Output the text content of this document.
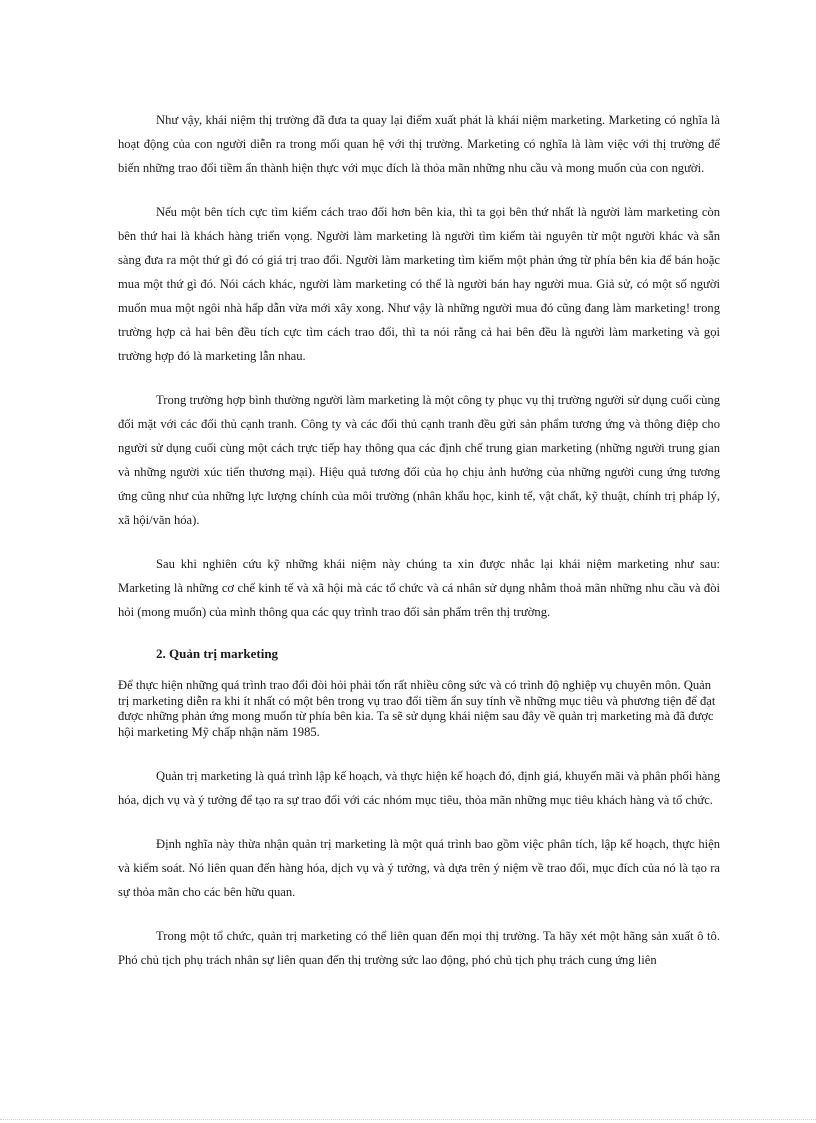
Như vậy, khái niệm thị trường đã đưa ta quay lại điểm xuất phát là khái niệm marketing. Marketing có nghĩa là hoạt động của con người diễn ra trong mối quan hệ với thị trường. Marketing có nghĩa là làm việc với thị trường để biến những trao đổi tiềm ẩn thành hiện thực với mục đích là thỏa mãn những nhu cầu và mong muốn của con người.

Nếu một bên tích cực tìm kiếm cách trao đổi hơn bên kia, thì ta gọi bên thứ nhất là người làm marketing còn bên thứ hai là khách hàng triển vọng. Người làm marketing là người tìm kiếm tài nguyên từ một người khác và sẵn sàng đưa ra một thứ gì đó có giá trị trao đổi. Người làm marketing tìm kiếm một phản ứng từ phía bên kia để bán hoặc mua một thứ gì đó. Nói cách khác, người làm marketing có thể là người bán hay người mua. Giả sử, có một số người muốn mua một ngôi nhà hấp dẫn vừa mới xây xong. Như vậy là những người mua đó cũng đang làm marketing! trong trường hợp cả hai bên đều tích cực tìm cách trao đổi, thì ta nói rằng cả hai bên đều là người làm marketing và gọi trường hợp đó là marketing lẫn nhau.

Trong trường hợp bình thường người làm marketing là một công ty phục vụ thị trường người sử dụng cuối cùng đối mặt với các đối thủ cạnh tranh. Công ty và các đối thủ cạnh tranh đều gửi sản phẩm tương ứng và thông điệp cho người sử dụng cuối cùng một cách trực tiếp hay thông qua các định chế trung gian marketing (những người trung gian và những người xúc tiến thương mại). Hiệu quả tương đối của họ chịu ảnh hưởng của những người cung ứng tương ứng cũng như của những lực lượng chính của môi trường (nhân khẩu học, kinh tế, vật chất, kỹ thuật, chính trị pháp lý, xã hội/văn hóa).

Sau khi nghiên cứu kỹ những khái niệm này chúng ta xin được nhắc lại khái niệm marketing như sau: Marketing là những cơ chế kinh tế và xã hội mà các tổ chức và cá nhân sử dụng nhằm thoả mãn những nhu cầu và đòi hỏi (mong muốn) của mình thông qua các quy trình trao đổi sản phẩm trên thị trường.

2. Quản trị marketing

Để thực hiện những quá trình trao đổi đòi hỏi phải tốn rất nhiều công sức và có trình độ nghiệp vụ chuyên môn. Quản trị marketing diễn ra khi ít nhất có một bên trong vụ trao đổi tiềm ẩn suy tính về những mục tiêu và phương tiện để đạt được những phản ứng mong muốn từ phía bên kia. Ta sẽ sử dụng khái niệm sau đây về quản trị marketing mà đã được hội marketing Mỹ chấp nhận năm 1985.

Quản trị marketing là quá trình lập kế hoạch, và thực hiện kế hoạch đó, định giá, khuyến mãi và phân phối hàng hóa, dịch vụ và ý tưởng để tạo ra sự trao đổi với các nhóm mục tiêu, thỏa mãn những mục tiêu khách hàng và tổ chức.

Định nghĩa này thừa nhận quản trị marketing là một quá trình bao gồm việc phân tích, lập kế hoạch, thực hiện và kiểm soát. Nó liên quan đến hàng hóa, dịch vụ và ý tưởng, và dựa trên ý niệm về trao đổi, mục đích của nó là tạo ra sự thỏa mãn cho các bên hữu quan.

Trong một tổ chức, quản trị marketing có thể liên quan đến mọi thị trường. Ta hãy xét một hãng sản xuất ô tô. Phó chủ tịch phụ trách nhân sự liên quan đến thị trường sức lao động, phó chủ tịch phụ trách cung ứng liên
